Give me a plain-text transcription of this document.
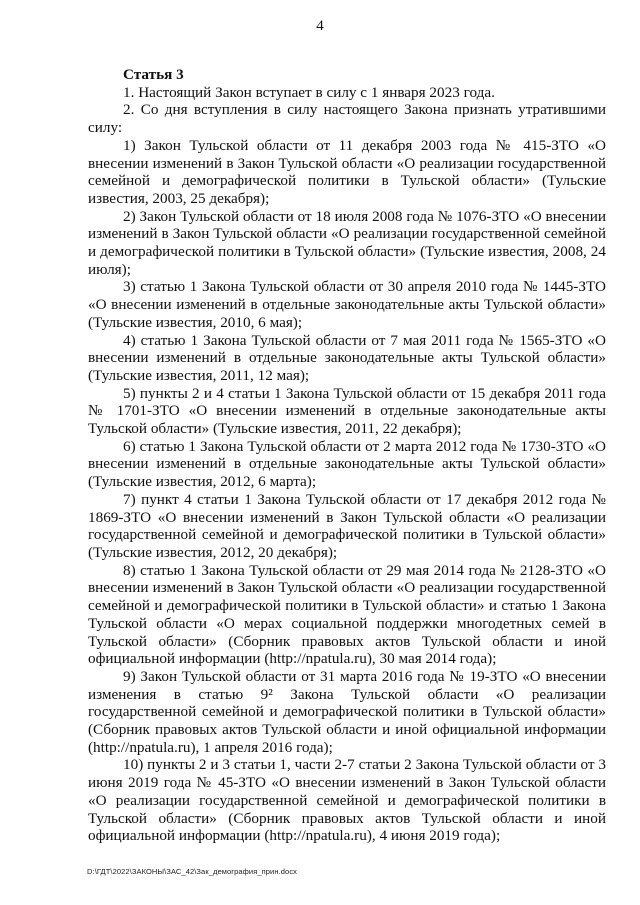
4

Статья 3

1. Настоящий Закон вступает в силу с 1 января 2023 года.

2. Со дня вступления в силу настоящего Закона признать утратившими силу:

1) Закон Тульской области от 11 декабря 2003 года № 415-ЗТО «О внесении изменений в Закон Тульской области «О реализации государственной семейной и демографической политики в Тульской области» (Тульские известия, 2003, 25 декабря);

2) Закон Тульской области от 18 июля 2008 года № 1076-ЗТО «О внесении изменений в Закон Тульской области «О реализации государственной семейной и демографической политики в Тульской области» (Тульские известия, 2008, 24 июля);

3) статью 1 Закона Тульской области от 30 апреля 2010 года № 1445-ЗТО «О внесении изменений в отдельные законодательные акты Тульской области» (Тульские известия, 2010, 6 мая);

4) статью 1 Закона Тульской области от 7 мая 2011 года № 1565-ЗТО «О внесении изменений в отдельные законодательные акты Тульской области» (Тульские известия, 2011, 12 мая);

5) пункты 2 и 4 статьи 1 Закона Тульской области от 15 декабря 2011 года № 1701-ЗТО «О внесении изменений в отдельные законодательные акты Тульской области» (Тульские известия, 2011, 22 декабря);

6) статью 1 Закона Тульской области от 2 марта 2012 года № 1730-ЗТО «О внесении изменений в отдельные законодательные акты Тульской области» (Тульские известия, 2012, 6 марта);

7) пункт 4 статьи 1 Закона Тульской области от 17 декабря 2012 года № 1869-ЗТО «О внесении изменений в Закон Тульской области «О реализации государственной семейной и демографической политики в Тульской области» (Тульские известия, 2012, 20 декабря);

8) статью 1 Закона Тульской области от 29 мая 2014 года № 2128-ЗТО «О внесении изменений в Закон Тульской области «О реализации государственной семейной и демографической политики в Тульской области» и статью 1 Закона Тульской области «О мерах социальной поддержки многодетных семей в Тульской области» (Сборник правовых актов Тульской области и иной официальной информации (http://npatula.ru), 30 мая 2014 года);

9) Закон Тульской области от 31 марта 2016 года № 19-ЗТО «О внесении изменения в статью 9² Закона Тульской области «О реализации государственной семейной и демографической политики в Тульской области» (Сборник правовых актов Тульской области и иной официальной информации (http://npatula.ru), 1 апреля 2016 года);

10) пункты 2 и 3 статьи 1, части 2-7 статьи 2 Закона Тульской области от 3 июня 2019 года № 45-ЗТО «О внесении изменений в Закон Тульской области «О реализации государственной семейной и демографической политики в Тульской области» (Сборник правовых актов Тульской области и иной официальной информации (http://npatula.ru), 4 июня 2019 года);

D:\ГДТ\2022\ЗАКОНЫ\ЗАС_42\Зак_демография_прин.docx
